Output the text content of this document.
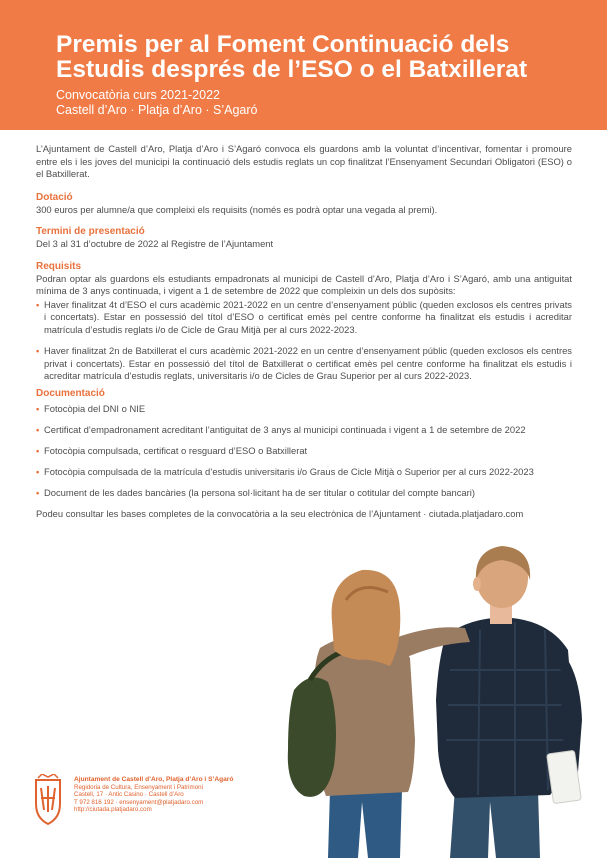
Premis per al Foment Continuació dels
Estudis després de l’ESO o el Batxillerat
Convocatòria curs 2021-2022
Castell d’Aro · Platja d’Aro · S’Agaró

L’Ajuntament de Castell d’Aro, Platja d’Aro i S’Agaró convoca els guardons amb la voluntat d’incentivar, fomentar i promoure entre els i les joves del municipi la continuació dels estudis reglats un cop finalitzat l’Ensenyament Secundari Obligatori (ESO) o el Batxillerat.

Dotació

300 euros per alumne/a que compleixi els requisits (només es podrà optar una vegada al premi).

Termini de presentació

Del 3 al 31 d’octubre de 2022 al Registre de l’Ajuntament

Requisits

Podran optar als guardons els estudiants empadronats al municipi de Castell d’Aro, Platja d’Aro i S’Agaró, amb una antiguitat mínima de 3 anys continuada, i vigent a 1 de setembre de 2022 que compleixin un dels dos supòsits:

• Haver finalitzat 4t d’ESO el curs acadèmic 2021-2022 en un centre d’ensenyament públic (queden exclosos els centres privats i concertats). Estar en possessió del títol d’ESO o certificat emès pel centre conforme ha finalitzat els estudis i acreditar matrícula d’estudis reglats i/o de Cicle de Grau Mitjà per al curs 2022-2023.
• Haver finalitzat 2n de Batxillerat el curs acadèmic 2021-2022 en un centre d’ensenyament públic (queden exclosos els centres privat i concertats). Estar en possessió del títol de Batxillerat o certificat emès pel centre conforme ha finalitzat els estudis i acreditar matrícula d’estudis reglats, universitaris i/o de Cicles de Grau Superior per al curs 2022-2023.
Documentació
• Fotocòpia del DNI o NIE
• Certificat d’empadronament acreditant l’antiguitat de 3 anys al municipi continuada i vigent a 1 de setembre de 2022
• Fotocòpia compulsada, certificat o resguard d’ESO o Batxillerat
• Fotocòpia compulsada de la matrícula d’estudis universitaris i/o Graus de Cicle Mitjà o Superior per al curs 2022-2023
• Document de les dades bancàries (la persona sol·licitant ha de ser titular o cotitular del compte bancari)

Podeu consultar les bases completes de la convocatòria a la seu electrònica de l’Ajuntament · ciutada.platjadaro.com

Ajuntament de Castell d’Aro, Platja d’Aro i S’Agaró
Regidoria de Cultura, Ensenyament i Patrimoni
Castell, 17 · Antic Casino · Castell d’Aro
T 972 816 192 · ensenyament@platjadaro.com
http://ciutada.platjadaro.com
